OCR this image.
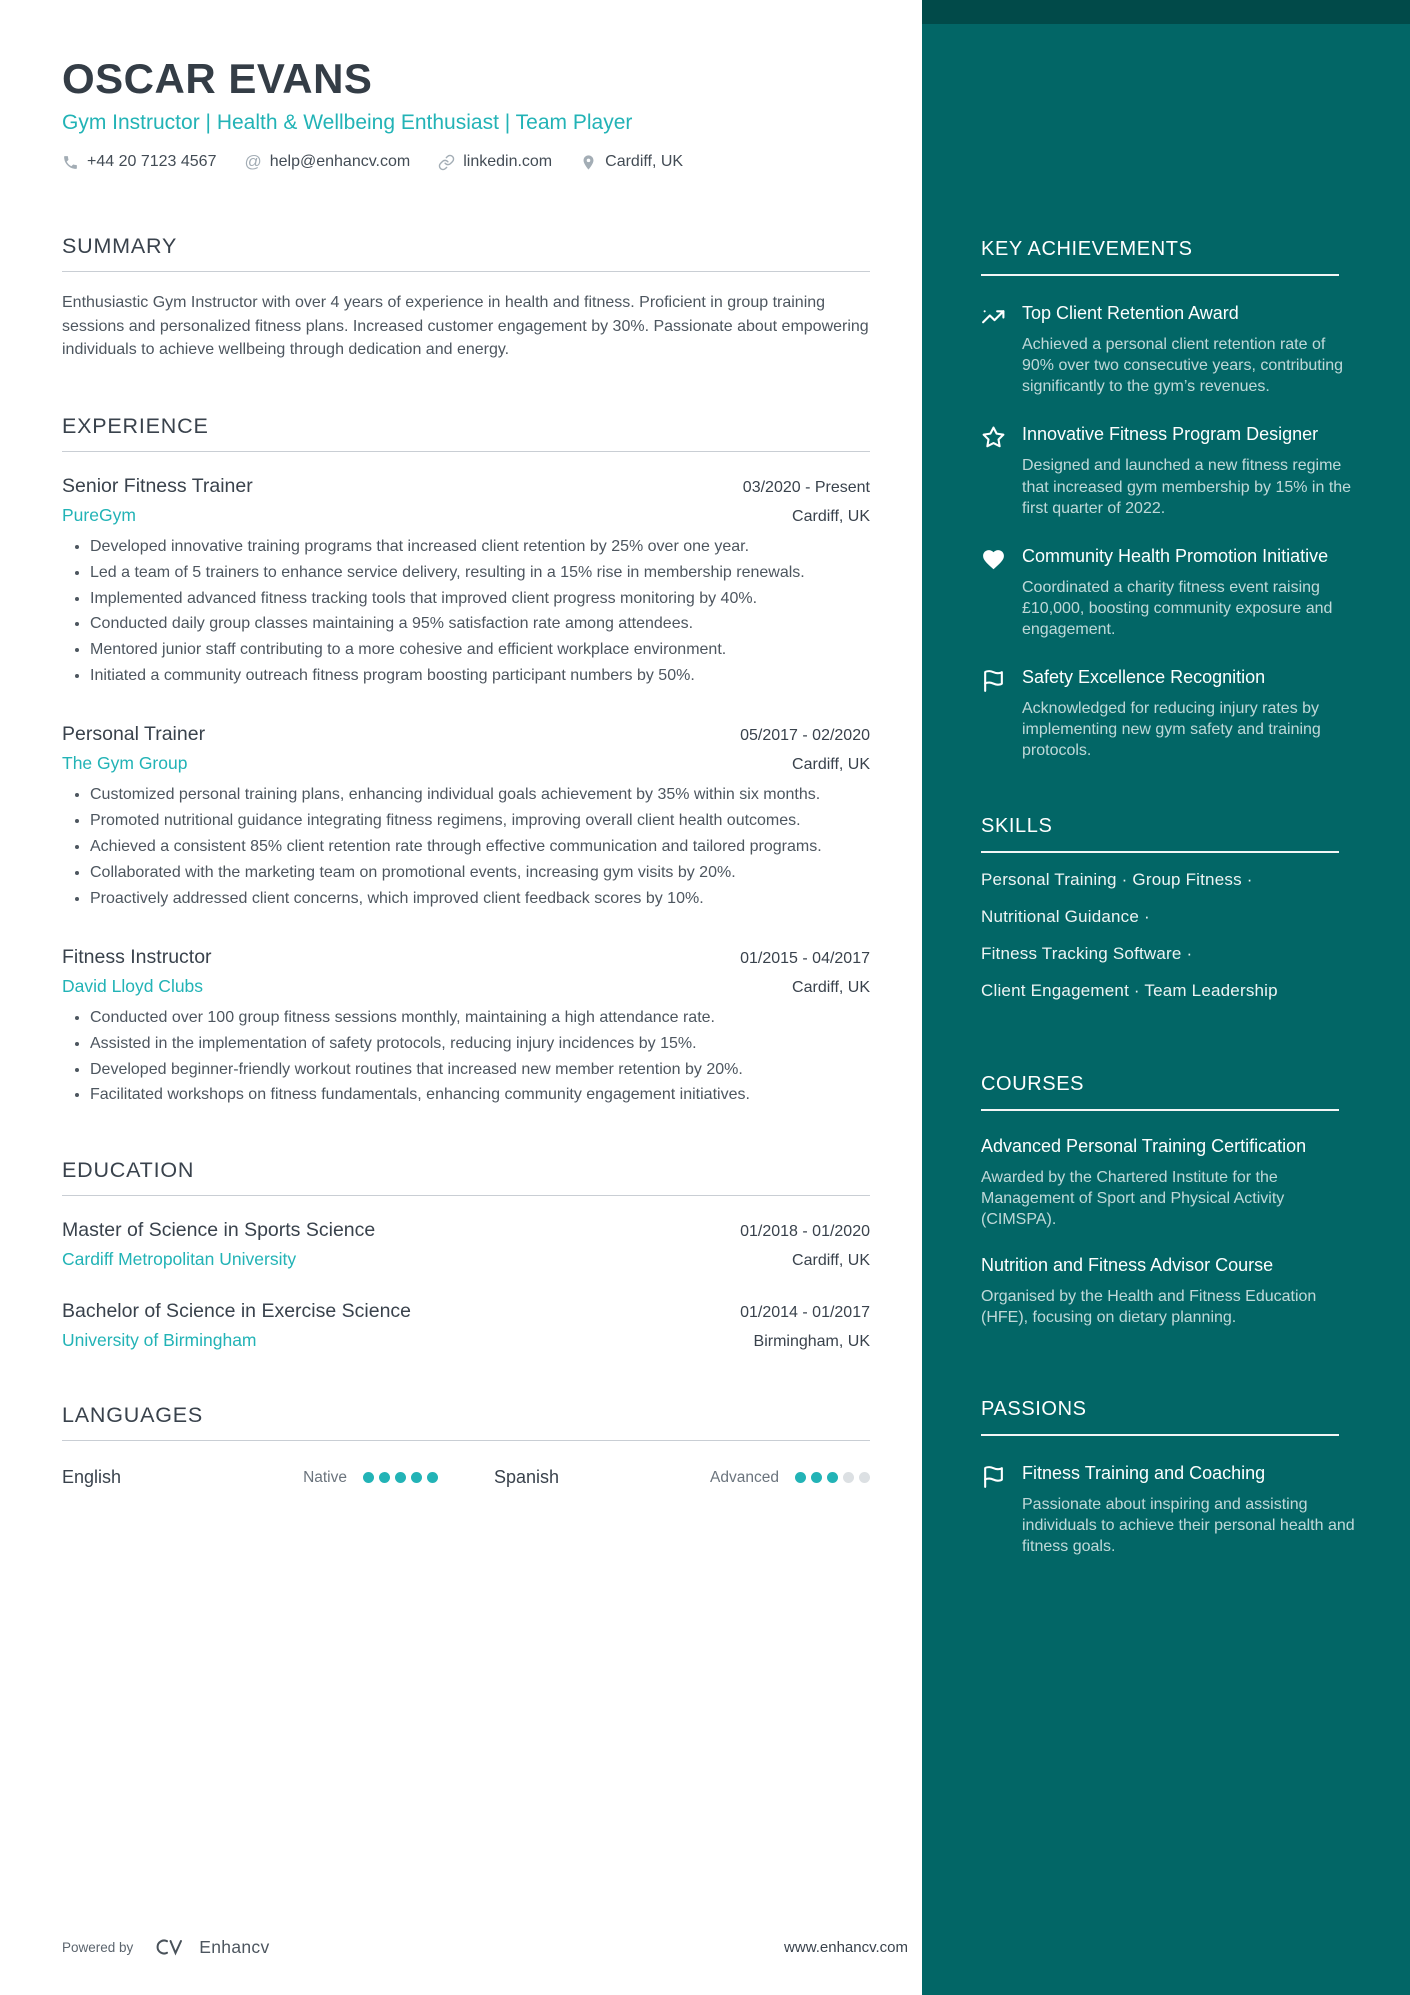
KEY ACHIEVEMENTS
Top Client Retention Award
Achieved a personal client retention rate of 90% over two consecutive years, contributing significantly to the gym’s revenues.
Innovative Fitness Program Designer
Designed and launched a new fitness regime that increased gym membership by 15% in the first quarter of 2022.
Community Health Promotion Initiative
Coordinated a charity fitness event raising £10,000, boosting community exposure and engagement.
Safety Excellence Recognition
Acknowledged for reducing injury rates by implementing new gym safety and training protocols.
SKILLS
Personal Training · Group Fitness ·
Nutritional Guidance ·
Fitness Tracking Software ·
Client Engagement · Team Leadership
COURSES
Advanced Personal Training Certification
Awarded by the Chartered Institute for the Management of Sport and Physical Activity (CIMSPA).
Nutrition and Fitness Advisor Course
Organised by the Health and Fitness Education (HFE), focusing on dietary planning.
PASSIONS
Fitness Training and Coaching
Passionate about inspiring and assisting individuals to achieve their personal health and fitness goals.
OSCAR EVANS
Gym Instructor | Health & Wellbeing Enthusiast | Team Player
+44 20 7123 4567 @ help@enhancv.com	linkedin.com	Cardiff, UK
SUMMARY

Enthusiastic Gym Instructor with over 4 years of experience in health and fitness. Proficient in group training sessions and personalized fitness plans. Increased customer engagement by 30%. Passionate about empowering individuals to achieve wellbeing through dedication and energy.

EXPERIENCE
Senior Fitness Trainer	03/2020 - Present
PureGym	Cardiff, UK
• Developed innovative training programs that increased client retention by 25% over one year.
• Led a team of 5 trainers to enhance service delivery, resulting in a 15% rise in membership renewals.
• Implemented advanced fitness tracking tools that improved client progress monitoring by 40%.
• Conducted daily group classes maintaining a 95% satisfaction rate among attendees.
• Mentored junior staff contributing to a more cohesive and efficient workplace environment.
• Initiated a community outreach fitness program boosting participant numbers by 50%.
Personal Trainer	05/2017 - 02/2020
The Gym Group	Cardiff, UK
• Customized personal training plans, enhancing individual goals achievement by 35% within six months.
• Promoted nutritional guidance integrating fitness regimens, improving overall client health outcomes.
• Achieved a consistent 85% client retention rate through effective communication and tailored programs.
• Collaborated with the marketing team on promotional events, increasing gym visits by 20%.
• Proactively addressed client concerns, which improved client feedback scores by 10%.
Fitness Instructor	01/2015 - 04/2017
David Lloyd Clubs	Cardiff, UK
• Conducted over 100 group fitness sessions monthly, maintaining a high attendance rate.
• Assisted in the implementation of safety protocols, reducing injury incidences by 15%.
• Developed beginner-friendly workout routines that increased new member retention by 20%.
• Facilitated workshops on fitness fundamentals, enhancing community engagement initiatives.
EDUCATION
Master of Science in Sports Science	01/2018 - 01/2020
Cardiff Metropolitan University	Cardiff, UK
Bachelor of Science in Exercise Science	01/2014 - 01/2017
University of Birmingham	Birmingham, UK
LANGUAGES
English	Native	Spanish	Advanced
Powered by	Enhancv	www.enhancv.com
